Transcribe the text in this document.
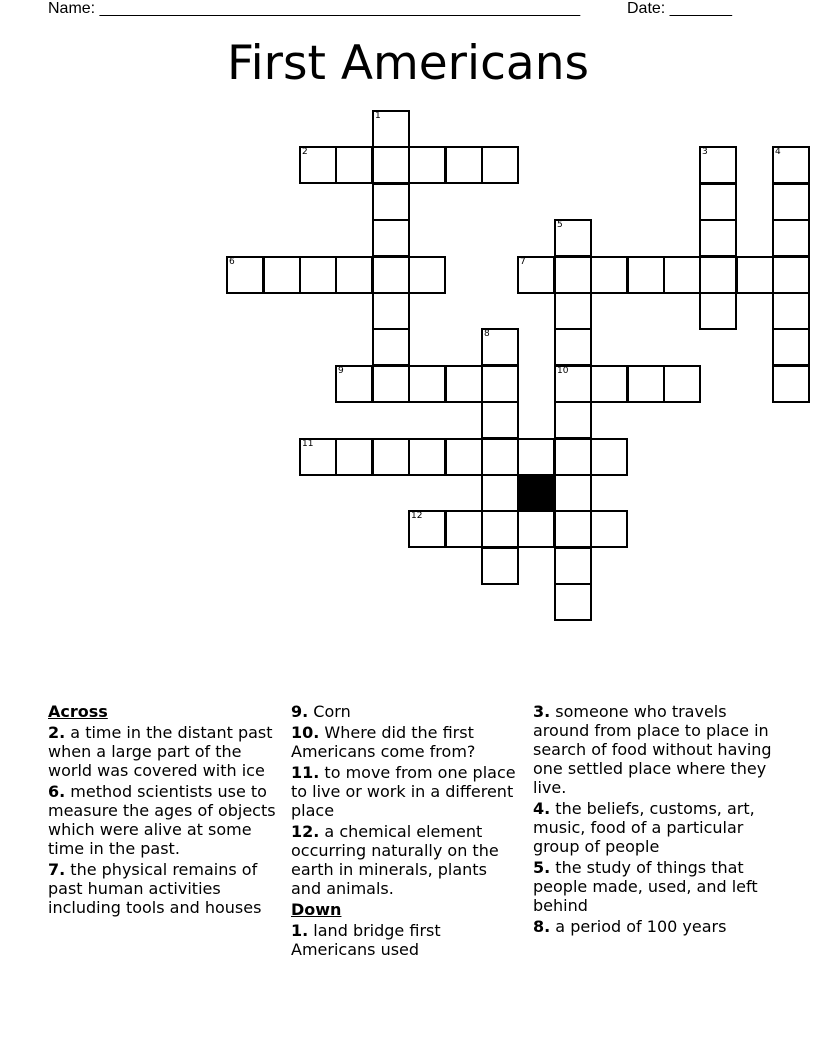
Name: ______________________________________________________	Date: _______
First Americans
1
2	3	4
5
10
6	7
8
9
11
12
Across
2. a time in the distant past when a large part of the world was covered with ice
6. method scientists use to measure the ages of objects which were alive at some time in the past.
7. the physical remains of past human activities including tools and houses
9. Corn
10. Where did the first Americans come from?
11. to move from one place to live or work in a different place
12. a chemical element occurring naturally on the earth in minerals, plants and animals.
Down
1. land bridge first Americans used
3. someone who travels around from place to place in search of food without having one settled place where they live.
4. the beliefs, customs, art, music, food of a particular group of people
5. the study of things that people made, used, and left behind
8. a period of 100 years
